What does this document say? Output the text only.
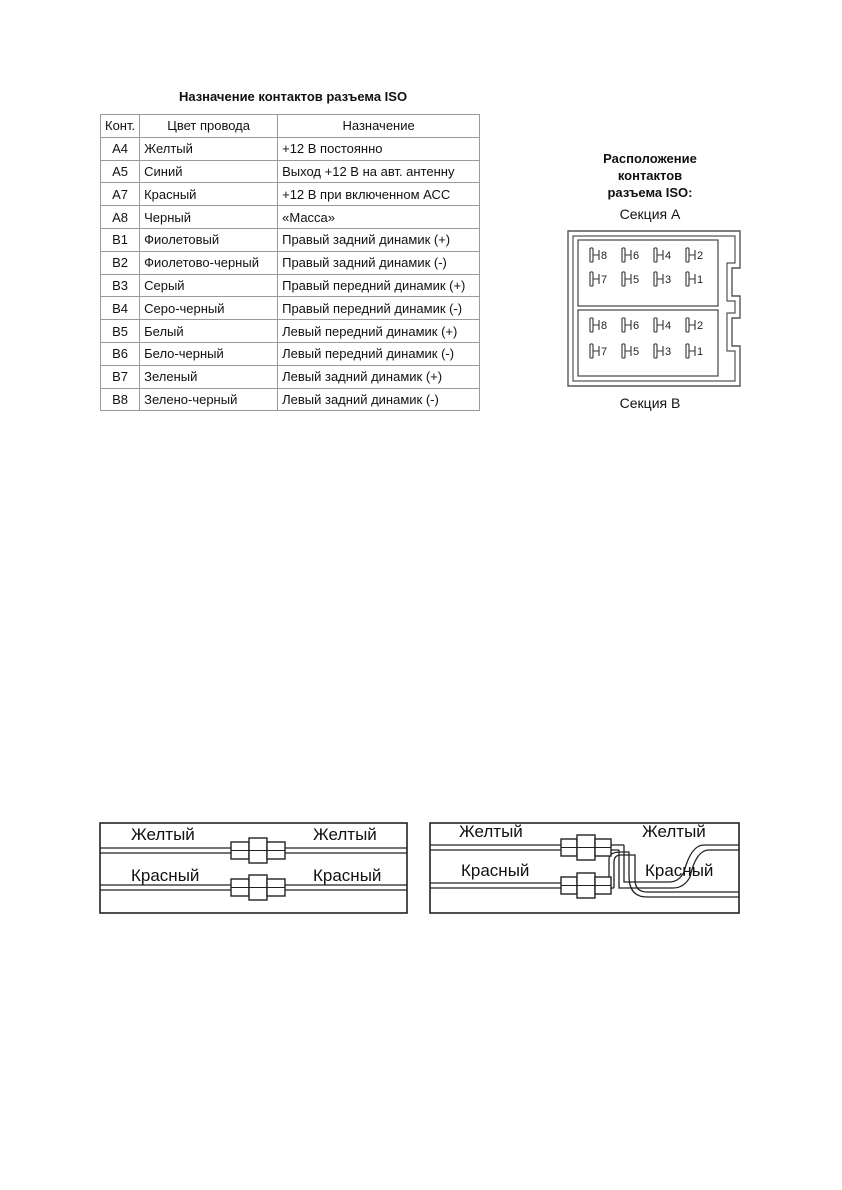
Назначение контактов разъема ISO
Конт.	Цвет провода	Назначение
A4	Желтый	+12 В постоянно
A5	Синий	Выход +12 В на авт. антенну
A7	Красный	+12 В при включенном АСС
A8	Черный	«Масса»
B1	Фиолетовый	Правый задний динамик (+)
B2	Фиолетово-черный	Правый задний динамик (-)
B3	Серый	Правый передний динамик (+)
B4	Серо-черный	Правый передний динамик (-)
B5	Белый	Левый передний динамик (+)
B6	Бело-черный	Левый передний динамик (-)
B7	Зеленый	Левый задний динамик (+)
B8	Зелено-черный	Левый задний динамик (-)
Расположение
контактов
разъема ISO:
Секция А
Секция В
8 6 4 2
7 5 3 1
8 6 4 2
7 5 3 1
Желтый	Желтый
Красный	Красный
Желтый	Желтый
Красный	Красный
